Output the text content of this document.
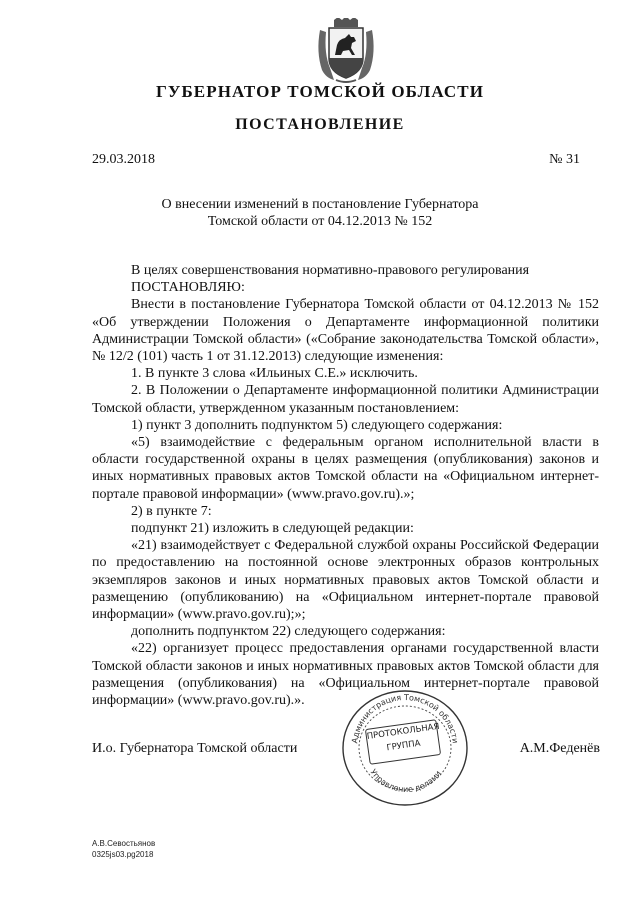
ГУБЕРНАТОР ТОМСКОЙ ОБЛАСТИ
ПОСТАНОВЛЕНИЕ
29.03.2018	№ 31
О внесении изменений в постановление Губернатора
Томской области от 04.12.2013 № 152

В целях совершенствования нормативно-правового регулирования

ПОСТАНОВЛЯЮ:

Внести в постановление Губернатора Томской области от 04.12.2013 № 152 «Об утверждении Положения о Департаменте информационной политики Администрации Томской области» («Собрание законодательства Томской области», № 12/2 (101) часть 1 от 31.12.2013) следующие изменения:

1. В пункте 3 слова «Ильиных С.Е.» исключить.

2. В Положении о Департаменте информационной политики Администрации Томской области, утвержденном указанным постановлением:

1) пункт 3 дополнить подпунктом 5) следующего содержания:

«5) взаимодействие с федеральным органом исполнительной власти в области государственной охраны в целях размещения (опубликования) законов и иных нормативных правовых актов Томской области на «Официальном интернет-портале правовой информации» (www.pravo.gov.ru).»;

2) в пункте 7:

подпункт 21) изложить в следующей редакции:

«21) взаимодействует с Федеральной службой охраны Российской Федерации по предоставлению на постоянной основе электронных образов контрольных экземпляров законов и иных нормативных правовых актов Томской области и размещению (опубликованию) на «Официальном интернет-портале правовой информации» (www.pravo.gov.ru);»;

дополнить подпунктом 22) следующего содержания:

«22) организует процесс предоставления органами государственной власти Томской области законов и иных нормативных правовых актов Томской области для размещения (опубликования) на «Официальном интернет-портале правовой информации» (www.pravo.gov.ru).».

И.о. Губернатора Томской области	А.М.Феденёв
Администрация Томской области
Управление делами
ПРОТОКОЛЬНАЯ
ГРУППА
А.В.Севостьянов
0325js03.pg2018
